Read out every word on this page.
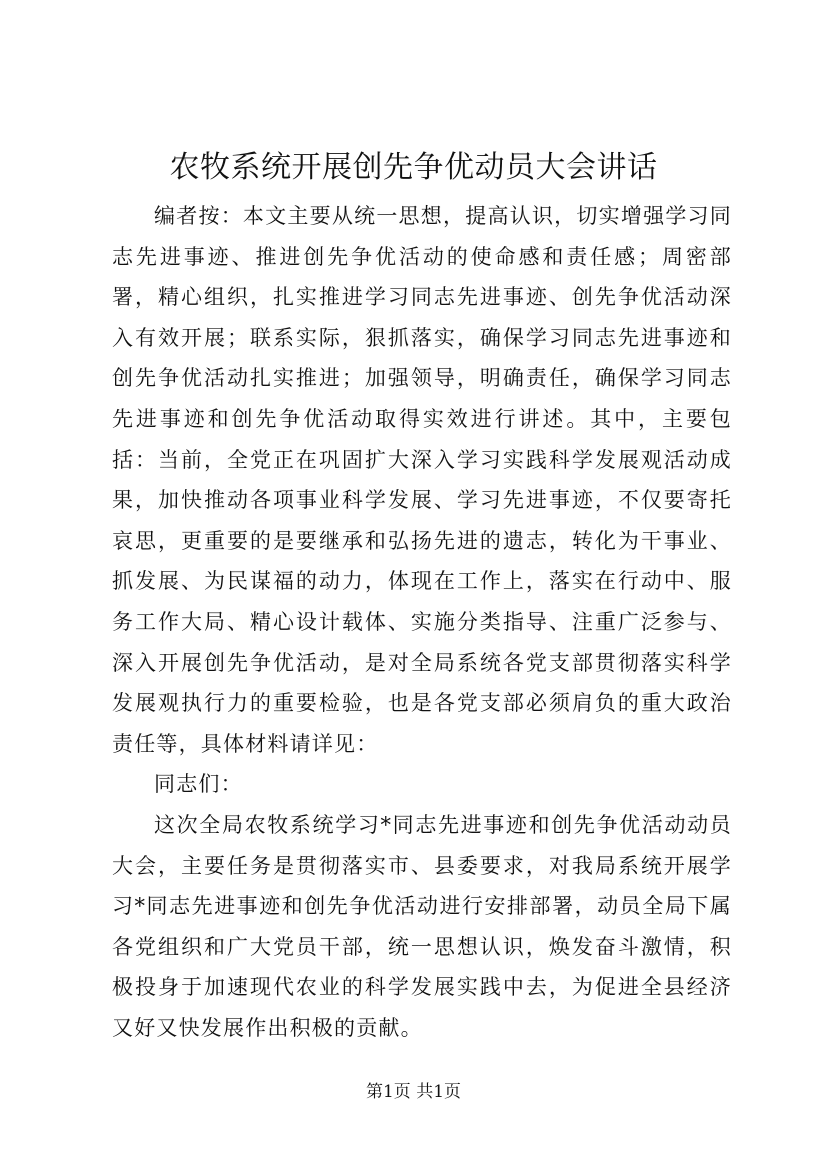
农牧系统开展创先争优动员大会讲话

编者按：本文主要从统一思想，提高认识，切实增强学习同志先进事迹、推进创先争优活动的使命感和责任感；周密部署，精心组织，扎实推进学习同志先进事迹、创先争优活动深入有效开展；联系实际，狠抓落实，确保学习同志先进事迹和创先争优活动扎实推进；加强领导，明确责任，确保学习同志先进事迹和创先争优活动取得实效进行讲述。其中，主要包括：当前，全党正在巩固扩大深入学习实践科学发展观活动成果，加快推动各项事业科学发展、学习先进事迹，不仅要寄托哀思，更重要的是要继承和弘扬先进的遗志，转化为干事业、抓发展、为民谋福的动力，体现在工作上，落实在行动中、服务工作大局、精心设计载体、实施分类指导、注重广泛参与、深入开展创先争优活动，是对全局系统各党支部贯彻落实科学发展观执行力的重要检验，也是各党支部必须肩负的重大政治责任等，具体材料请详见：

同志们：

这次全局农牧系统学习*同志先进事迹和创先争优活动动员大会，主要任务是贯彻落实市、县委要求，对我局系统开展学习*同志先进事迹和创先争优活动进行安排部署，动员全局下属各党组织和广大党员干部，统一思想认识，焕发奋斗激情，积极投身于加速现代农业的科学发展实践中去，为促进全县经济又好又快发展作出积极的贡献。

第1页 共1页
